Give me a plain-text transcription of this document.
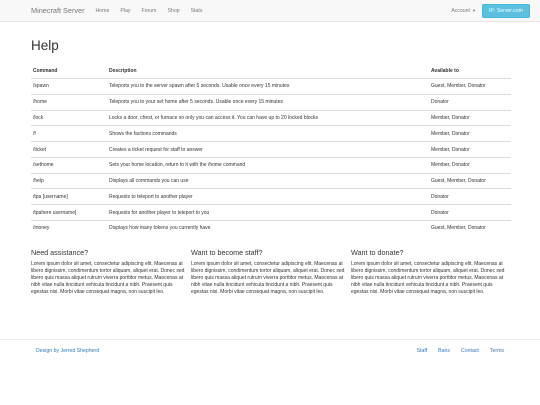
Minecraft Server Home Play Forum Shop Stats	Account ▼	IP: Server.com
Help
Command	Description	Available to
/spawn	Teleports you to the server spawn after 5 seconds. Usable once every 15 minutes	Guest, Member, Donator
/home	Teleports you to your set home after 5 seconds. Usable once every 15 minutes	Donator
/lock	Locks a door, chest, or furnace so only you can access it. You can have up to 20 locked blocks	Member, Donator
/f	Shows the factions commands	Member, Donator
/ticket	Creates a ticket request for staff to answer	Member, Donator
/sethome	Sets your home location, return to it with the /home command	Member, Donator
/help	Displays all commands you can use	Guest, Member, Donator
/tpa [username]	Requests to teleport to another player	Donator
/tpahere username]	Requests for another player to teleport to you	Donator
/money	Displays how many tokens you currently have	Guest, Member, Donator
Need assistance?

Lorem ipsum dolor sit amet, consectetur adipiscing elit. Maecenas at libero dignissim, condimentum tortor aliquam, aliquet erat. Donec sed libero quis massa aliquet rutrum viverra porttitor metus. Maecenas at nibh vitae nulla tincidunt vehicula tincidunt a nibh. Praesent quis egestas nisi. Morbi vitae consequat magna, non suscipit leo.

Want to become staff?

Lorem ipsum dolor sit amet, consectetur adipiscing elit. Maecenas at libero dignissim, condimentum tortor aliquam, aliquet erat. Donec sed libero quis massa aliquet rutrum viverra porttitor metus. Maecenas at nibh vitae nulla tincidunt vehicula tincidunt a nibh. Praesent quis egestas nisi. Morbi vitae consequat magna, non suscipit leo.

Want to donate?

Lorem ipsum dolor sit amet, consectetur adipiscing elit. Maecenas at libero dignissim, condimentum tortor aliquam, aliquet erat. Donec sed libero quis massa aliquet rutrum viverra porttitor metus. Maecenas at nibh vitae nulla tincidunt vehicula tincidunt a nibh. Praesent quis egestas nisi. Morbi vitae consequat magna, non suscipit leo.

Design by Jerred Shepherd	Staff Bans Contact Terms
